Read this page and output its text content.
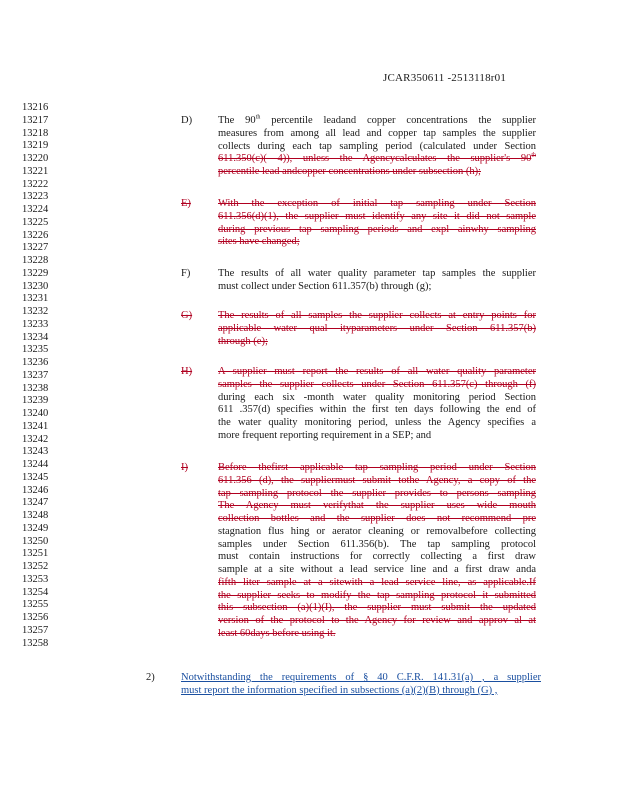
JCAR350611 -2513118r01
13216
13217
13218
13219
13220
13221
13222
13223
13224
13225
13226
13227
13228
13229
13230
13231
13232
13233
13234
13235
13236
13237
13238
13239
13240
13241
13242
13243
13244
13245
13246
13247
13248
13249
13250
13251
13252
13253
13254
13255
13256
13257
13258
D) The 90th percentile leadand copper concentrations the supplier
measures from among all lead and copper tap samples the supplier
collects during each tap sampling period (calculated under Section
611.350(c)( 4)), unless the Agencycalculates the supplier's 90th
percentile lead andcopper concentrations under subsection (h);
E)	With the exception of initial tap sampling under Section
611.356(d)(1), the supplier must identify any site it did not sample
during previous tap sampling periods and expl ainwhy sampling
sites have changed;
F)	The results of all water quality parameter tap samples the supplier
must collect under Section 611.357(b) through (g);
G) The results of all samples the supplier collects at entry points for
applicable water qual ityparameters under Section 611.357(b)
through (e);
H) A supplier must report the results of all water quality parameter
samples the supplier collects under Section 611.357(c) through (f)
during each six -month water quality monitoring period Section
611 .357(d) specifies within the first ten days following the end of
the water quality monitoring period, unless the Agency specifies a
more frequent reporting requirement in a SEP; and
I)	Before thefirst applicable tap sampling period under Section
611.356 (d), the suppliermust submit tothe Agency, a copy of the
tap sampling protocol the supplier provides to persons sampling
The Agency must verifythat the supplier uses wide mouth
collection bottles and the supplier does not recommend pre
stagnation flus hing or aerator cleaning or removalbefore collecting
samples under Section 611.356(b). The tap sampling protocol
must contain instructions for correctly collecting a first draw
sample at a site without a lead service line and a first draw anda
fifth liter sample at a sitewith a lead service line, as applicable.If
the supplier seeks to modify the tap sampling protocol it submitted
this subsection (a)(1)(I), the supplier must submit the updated
version of the protocol to the Agency for review and approv al at
least 60days before using it.
2)	Notwithstanding the requirements of § 40 C.F.R. 141.31(a) , a supplier
must report the information specified in subsections (a)(2)(B) through (G) ,
